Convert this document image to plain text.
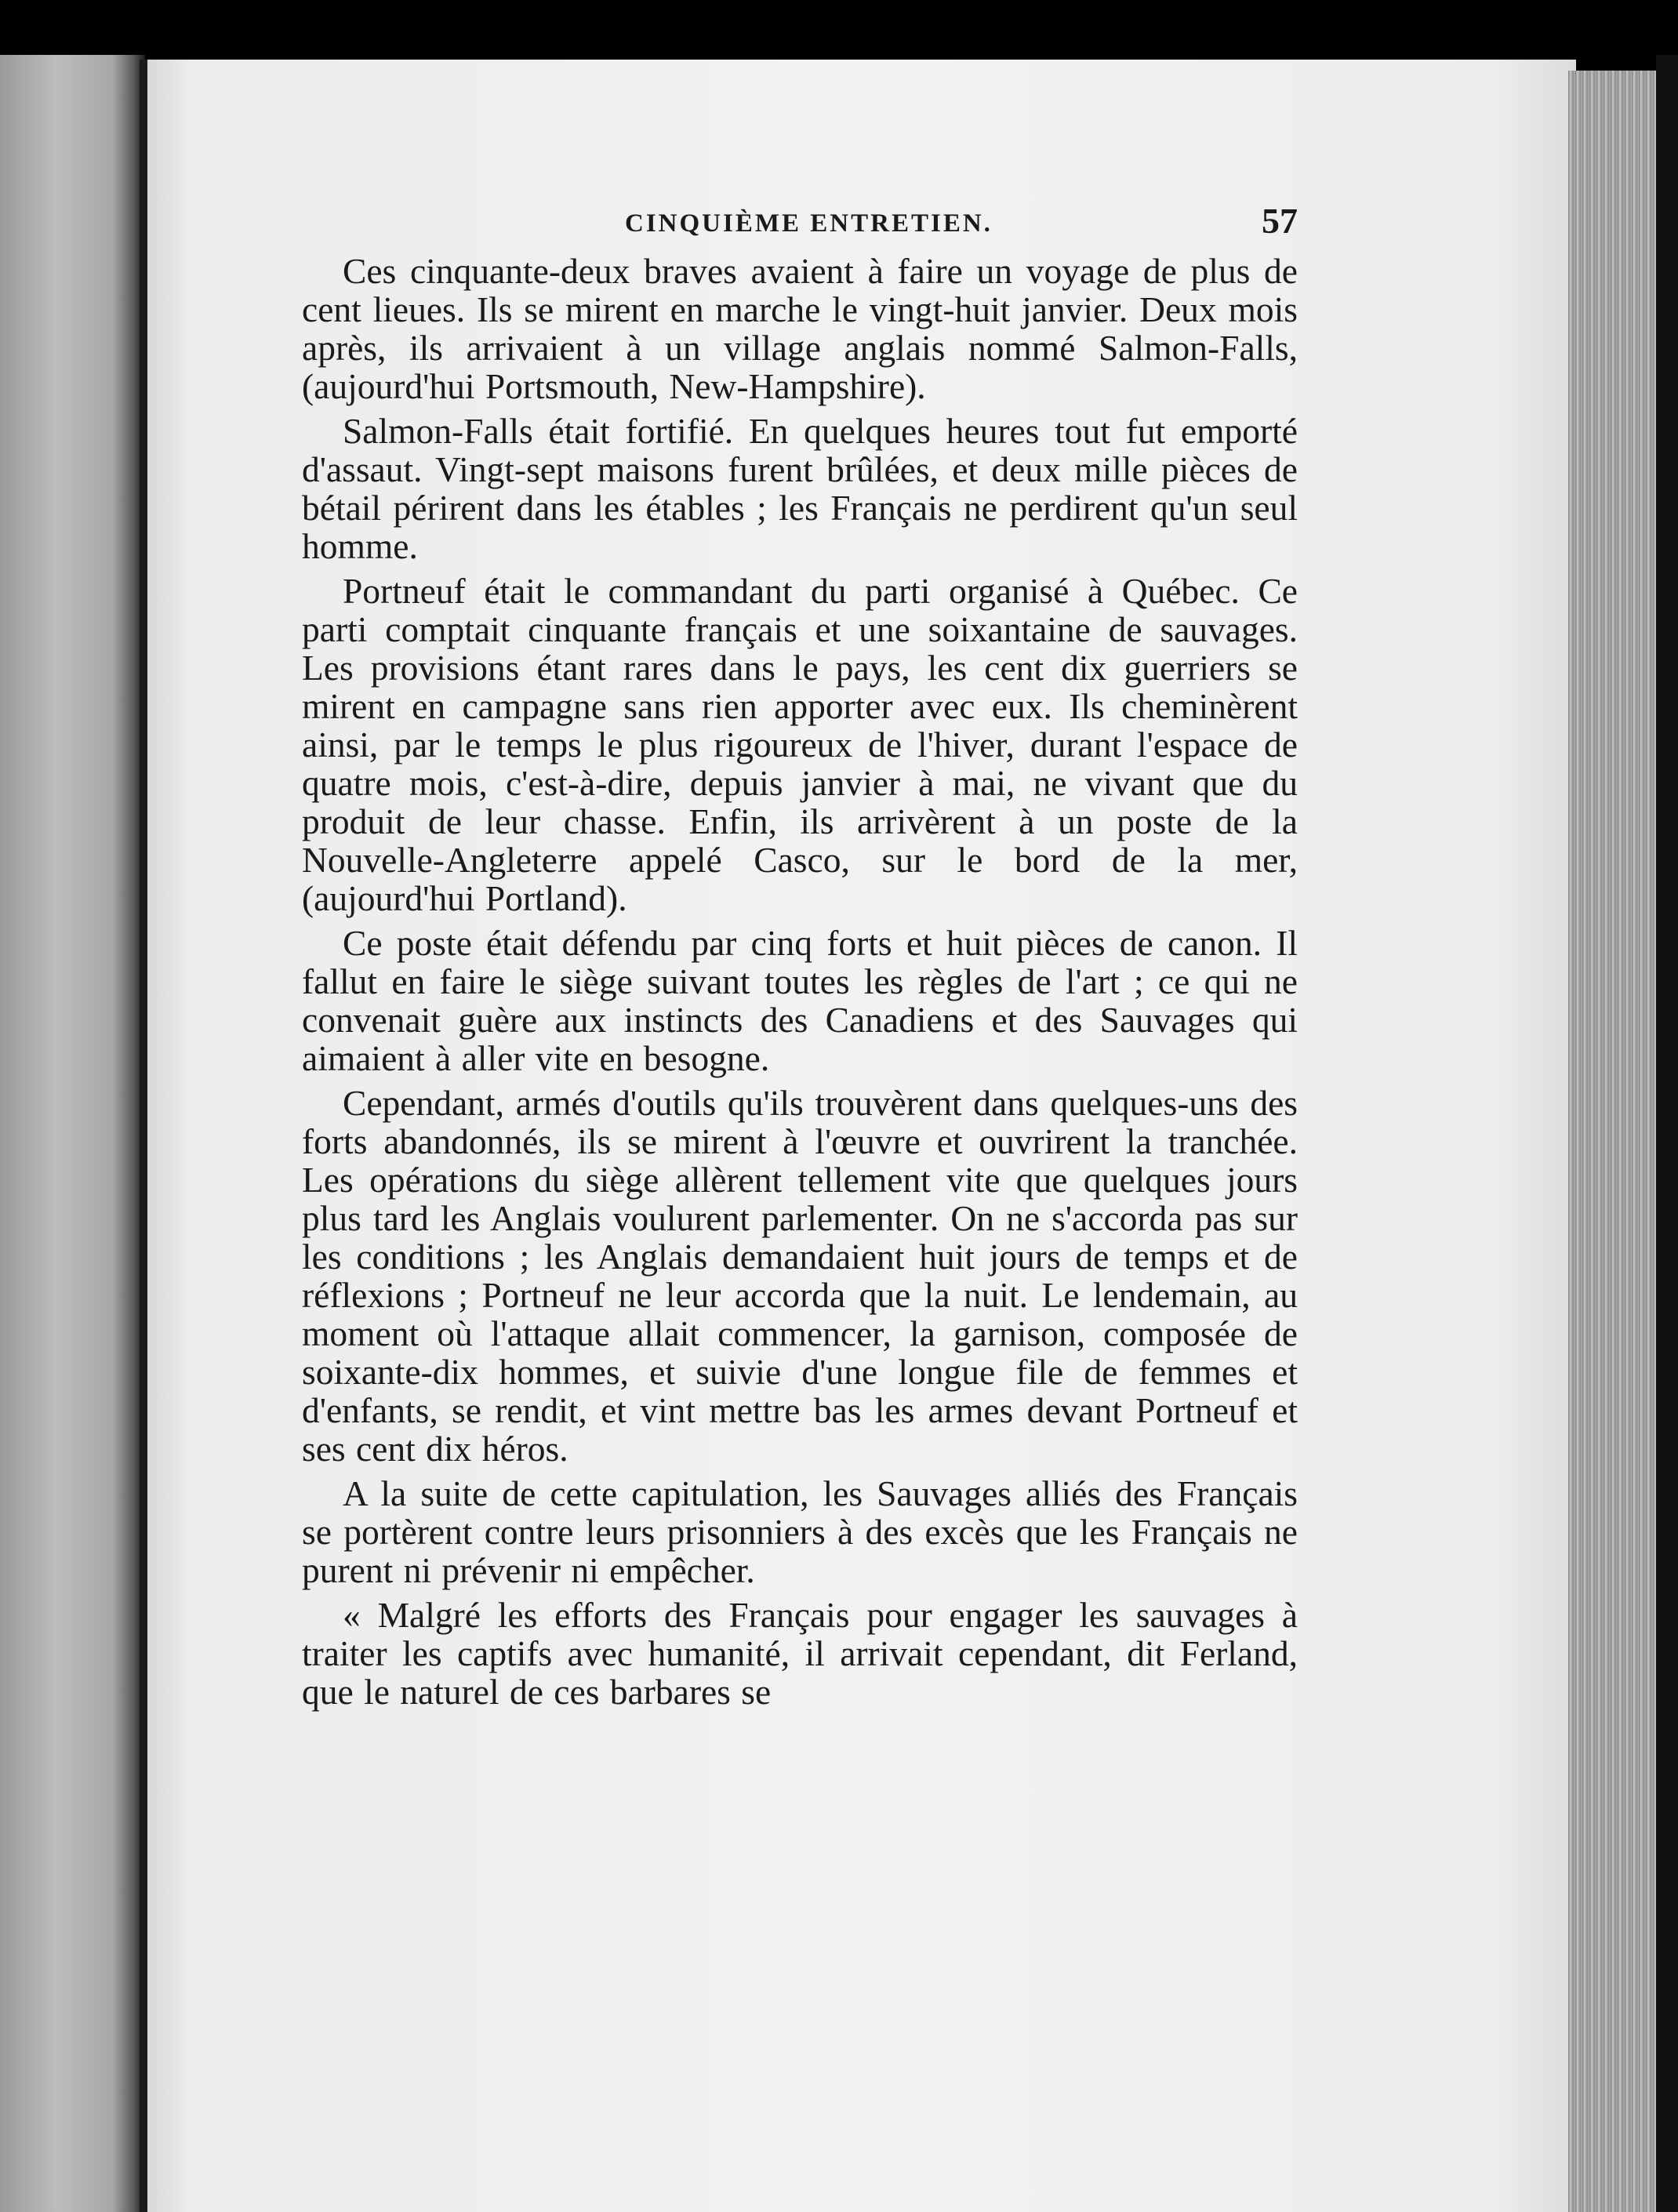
CINQUIÈME ENTRETIEN.	57

Ces cinquante-deux braves avaient à faire un voyage de plus de cent lieues. Ils se mirent en marche le vingt-huit janvier. Deux mois après, ils arrivaient à un village anglais nommé Salmon-Falls, (aujourd'hui Portsmouth, New-Hampshire).

Salmon-Falls était fortifié. En quelques heures tout fut emporté d'assaut. Vingt-sept maisons furent brûlées, et deux mille pièces de bétail périrent dans les étables ; les Français ne perdirent qu'un seul homme.

Portneuf était le commandant du parti organisé à Québec. Ce parti comptait cinquante français et une soixantaine de sauvages. Les provisions étant rares dans le pays, les cent dix guerriers se mirent en campagne sans rien apporter avec eux. Ils cheminèrent ainsi, par le temps le plus rigoureux de l'hiver, durant l'espace de quatre mois, c'est-à-dire, depuis janvier à mai, ne vivant que du produit de leur chasse. Enfin, ils arrivèrent à un poste de la Nouvelle-Angleterre appelé Casco, sur le bord de la mer, (aujourd'hui Portland).

Ce poste était défendu par cinq forts et huit pièces de canon. Il fallut en faire le siège suivant toutes les règles de l'art ; ce qui ne convenait guère aux instincts des Canadiens et des Sauvages qui aimaient à aller vite en besogne.

Cependant, armés d'outils qu'ils trouvèrent dans quelques-uns des forts abandonnés, ils se mirent à l'œuvre et ouvrirent la tranchée. Les opérations du siège allèrent tellement vite que quelques jours plus tard les Anglais voulurent parlementer. On ne s'accorda pas sur les conditions ; les Anglais demandaient huit jours de temps et de réflexions ; Portneuf ne leur accorda que la nuit. Le lendemain, au moment où l'attaque allait commencer, la garnison, composée de soixante-dix hommes, et suivie d'une longue file de femmes et d'enfants, se rendit, et vint mettre bas les armes devant Portneuf et ses cent dix héros.

A la suite de cette capitulation, les Sauvages alliés des Français se portèrent contre leurs prisonniers à des excès que les Français ne purent ni prévenir ni empêcher.

« Malgré les efforts des Français pour engager les sauvages à traiter les captifs avec humanité, il arrivait cependant, dit Ferland, que le naturel de ces barbares se
